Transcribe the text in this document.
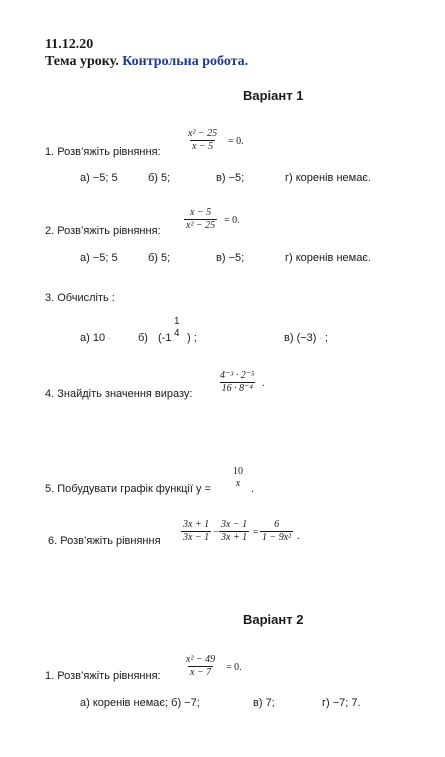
11.12.20
Тема уроку. Контрольна робота.
Варіант 1
1. Розв’яжіть рівняння:	$\frac{\text{x² − 25}}{x - 5} = 0$.
а) −5; 5	б) 5;	в) −5;	г) коренів немає.
2. Розв’яжіть рівняння: $\frac{x - 5}{\text{x² − 25}} = 0$.
а) −5; 5	б) 5;	в) −5;	г) коренів немає.
3. Обчисліть :
а) 10 -	б) (-1
1
4 ) ;	в) (−3) - ;
4. Знайдіть значення виразу:	$\frac{\text{4⁻³ · 2⁻⁵}}{\text{16 · 8⁻⁴}}$ .
5. Побудувати графік функції y =
10
x .
6. Розв’яжіть рівняння $\frac{3x + 1}{3x - 1} - \frac{3x - 1}{3x + 1} = \frac{6}{\text{1 − 9x²}}$ .
Варіант 2
1. Розв’яжіть рівняння: $\frac{\text{x² − 49}}{x - 7} = 0$.
а) коренів немає; б) −7;	в) 7;	г) −7; 7.
